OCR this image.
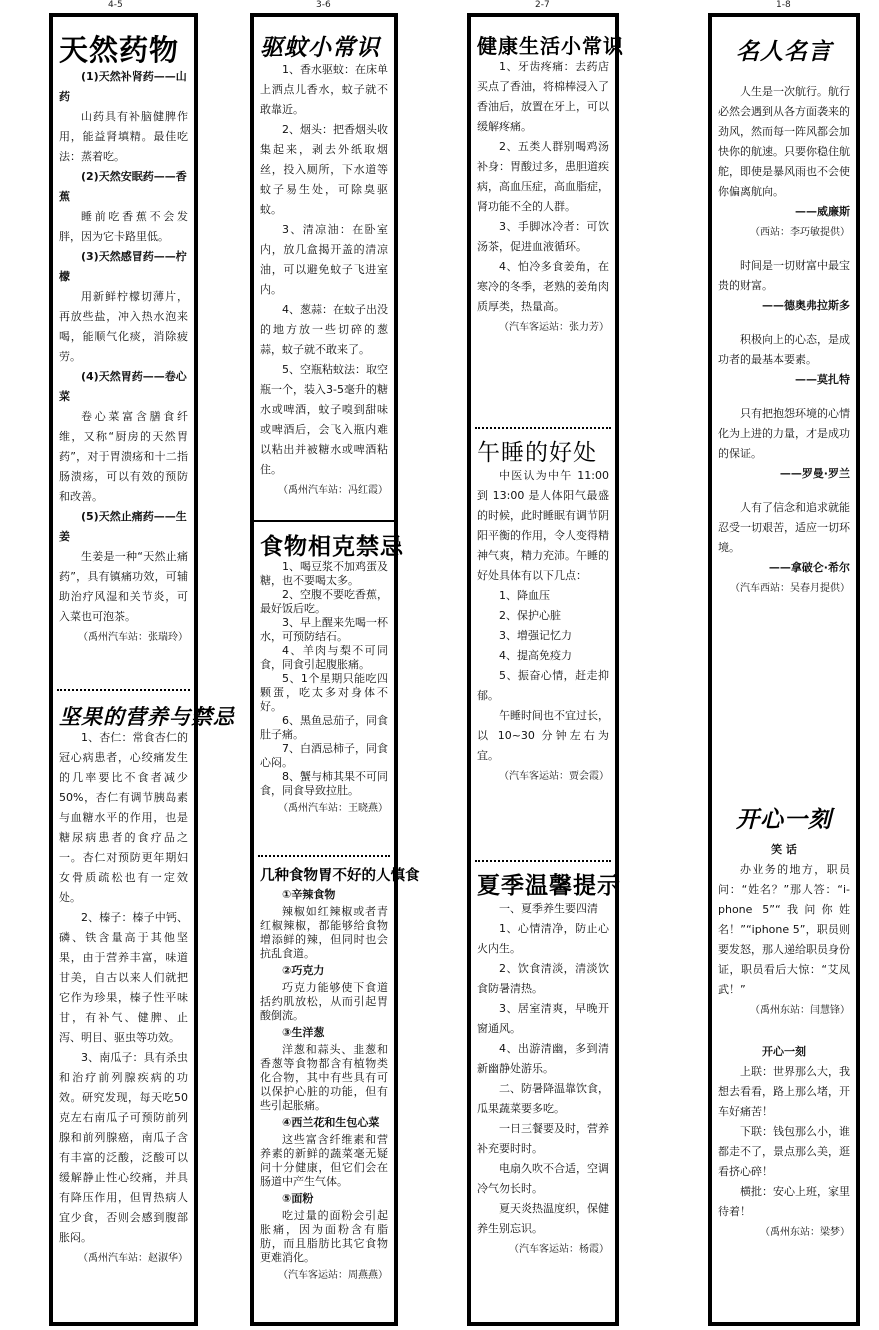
4-5	3-6	2-7	1-8
天然药物

(1)天然补肾药——山药

山药具有补脑健脾作用，能益肾填精。最佳吃法：蒸着吃。

(2)天然安眠药——香蕉

睡前吃香蕉不会发胖，因为它卡路里低。

(3)天然感冒药——柠檬

用新鲜柠檬切薄片，再放些盐，冲入热水泡来喝，能顺气化痰，消除疲劳。

(4)天然胃药——卷心菜

卷心菜富含膳食纤维，又称“厨房的天然胃药”，对于胃溃疡和十二指肠溃疡，可以有效的预防和改善。

(5)天然止痛药——生姜

生姜是一种“天然止痛药”，具有镇痛功效，可辅助治疗风湿和关节炎，可入菜也可泡茶。

（禹州汽车站：张瑞玲）

坚果的营养与禁忌

1、杏仁：常食杏仁的冠心病患者，心绞痛发生的几率要比不食者减少50%，杏仁有调节胰岛素与血糖水平的作用，也是糖尿病患者的食疗品之一。杏仁对预防更年期妇女骨质疏松也有一定效处。

2、榛子：榛子中钙、磷、铁含量高于其他坚果，由于营养丰富，味道甘美，自古以来人们就把它作为珍果，榛子性平味甘，有补气、健脾、止泻、明目、驱虫等功效。

3、南瓜子：具有杀虫和治疗前列腺疾病的功效。研究发现，每天吃50克左右南瓜子可预防前列腺和前列腺癌，南瓜子含有丰富的泛酸，泛酸可以缓解静止性心绞痛，并具有降压作用，但胃热病人宜少食，否则会感到腹部胀闷。

（禹州汽车站：赵淑华）

驱蚊小常识

1、香水驱蚊：在床单上洒点儿香水，蚊子就不敢靠近。

2、烟头：把香烟头收集起来，剥去外纸取烟丝，投入厕所，下水道等蚊子易生处，可除臭驱蚊。

3、清凉油：在卧室内，放几盒揭开盖的清凉油，可以避免蚊子飞进室内。

4、葱蒜：在蚊子出没的地方放一些切碎的葱蒜，蚊子就不敢来了。

5、空瓶粘蚊法：取空瓶一个，装入3-5毫升的糖水或啤酒，蚊子嗅到甜味或啤酒后，会飞入瓶内难以粘出并被糖水或啤酒粘住。

（禹州汽车站：冯红霞）

食物相克禁忌

1、喝豆浆不加鸡蛋及糖，也不要喝太多。

2、空腹不要吃香蕉，最好饭后吃。

3、早上醒来先喝一杯水，可预防结石。

4、羊肉与梨不可同食，同食引起腹胀痛。

5、1个星期只能吃四颗蛋，吃太多对身体不好。

6、黑鱼忌茄子，同食肚子痛。

7、白酒忌柿子，同食心闷。

8、蟹与柿其果不可同食，同食导致拉肚。

（禹州汽车站：王晓燕）

几种食物胃不好的人慎食

①辛辣食物

辣椒如红辣椒或者青红椒辣椒，都能够给食物增添鲜的辣，但同时也会抗乱食道。

②巧克力

巧克力能够使下食道括约肌放松，从而引起胃酸倒流。

③生洋葱

洋葱和蒜头、韭葱和香葱等食物都含有植物类化合物，其中有些具有可以保护心脏的功能，但有些引起胀痛。

④西兰花和生包心菜

这些富含纤维素和营养素的新鲜的蔬菜毫无疑问十分健康，但它们会在肠道中产生气体。

⑤面粉

吃过量的面粉会引起胀痛，因为面粉含有脂肪，而且脂肪比其它食物更难消化。

（汽车客运站：周燕燕）

健康生活小常识

1、牙齿疼痛：去药店买点了香油，将棉棒浸入了香油后，放置在牙上，可以缓解疼痛。

2、五类人群别喝鸡汤补身：胃酸过多，患胆道疾病，高血压症，高血脂症，肾功能不全的人群。

3、手脚冰冷者：可饮汤茶，促进血液循环。

4、怕冷多食姜角，在寒冷的冬季，老熟的姜角肉质厚类，热量高。

（汽车客运站：张力芳）

午睡的好处

中医认为中午 11:00到 13:00 是人体阳气最盛的时候，此时睡眠有调节阴阳平衡的作用，令人变得精神气爽，精力充沛。午睡的好处具体有以下几点：

1、降血压

2、保护心脏

3、增强记忆力

4、提高免疫力

5、振奋心情，赶走抑郁。

午睡时间也不宜过长，以 10~30 分钟左右为宜。

（汽车客运站：贾会霞）

夏季温馨提示

一、夏季养生要四清

1、心情清净，防止心火内生。

2、饮食清淡，清淡饮食防暑清热。

3、居室清爽，早晚开窗通风。

4、出游清幽，多到清新幽静处游乐。

二、防暑降温靠饮食，瓜果蔬菜要多吃。

一日三餐要及时，营养补充要时时。

电扇久吹不合适，空调冷气勿长时。

夏天炎热温度织，保健养生别忘识。

（汽车客运站：杨霞）

名人名言

人生是一次航行。航行必然会遇到从各方面袭来的劲风，然而每一阵风都会加快你的航速。只要你稳住航舵，即使是暴风雨也不会使你偏离航向。

——威廉斯

（西站：李巧敏提供）

时间是一切财富中最宝贵的财富。

——德奥弗拉斯多

积极向上的心态，是成功者的最基本要素。

——莫扎特

只有把抱怨环境的心情化为上进的力量，才是成功的保证。

——罗曼·罗兰

人有了信念和追求就能忍受一切艰苦，适应一切环境。

——拿破仑·希尔

（汽车西站：吴春月提供）

开心一刻

笑 话

办业务的地方，职员问：“姓名？”那人答：“i-phone 5”“我问你姓名！”“iphone 5”，职员则要发怒，那人递给职员身份证，职员看后大惊：“艾凤武！”

（禹州东站：闫慧锋）

开心一刻

上联：世界那么大，我想去看看，路上那么堵，开车好痛苦！

下联：钱包那么小，谁都走不了，景点那么美，逛看挤心碎！

横批：安心上班，家里待着！

（禹州东站：梁梦）
